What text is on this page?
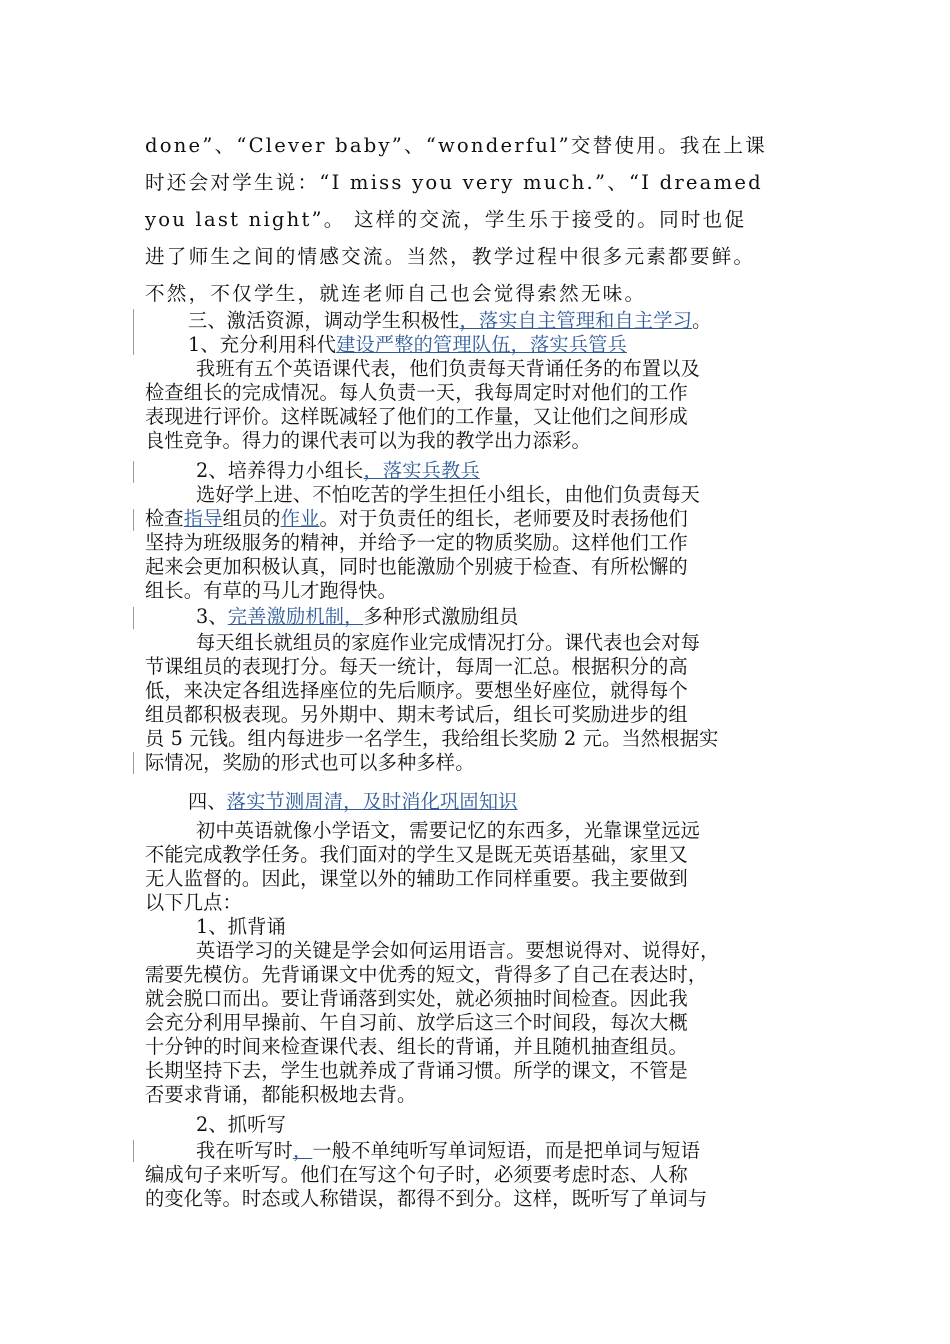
done”、“Clever baby”、“wonderful”交替使用。我在上课
时还会对学生说：“I miss you very much.”、“I dreamed
you last night”。 这样的交流，学生乐于接受的。同时也促
进了师生之间的情感交流。当然，教学过程中很多元素都要鲜。
不然，不仅学生，就连老师自己也会觉得索然无味。
三、激活资源，调动学生积极性，落实自主管理和自主学习。
1、充分利用科代建设严整的管理队伍，落实兵管兵
我班有五个英语课代表，他们负责每天背诵任务的布置以及
检查组长的完成情况。每人负责一天，我每周定时对他们的工作
表现进行评价。这样既减轻了他们的工作量，又让他们之间形成
良性竞争。得力的课代表可以为我的教学出力添彩。
2、培养得力小组长，落实兵教兵
选好学上进、不怕吃苦的学生担任小组长，由他们负责每天
检查指导组员的作业。对于负责任的组长，老师要及时表扬他们
坚持为班级服务的精神，并给予一定的物质奖励。这样他们工作
起来会更加积极认真，同时也能激励个别疲于检查、有所松懈的
组长。有草的马儿才跑得快。
3、完善激励机制，多种形式激励组员
每天组长就组员的家庭作业完成情况打分。课代表也会对每
节课组员的表现打分。每天一统计，每周一汇总。根据积分的高
低，来决定各组选择座位的先后顺序。要想坐好座位，就得每个
组员都积极表现。另外期中、期末考试后，组长可奖励进步的组
员 5 元钱。组内每进步一名学生，我给组长奖励 2 元。当然根据实
际情况，奖励的形式也可以多种多样。
四、落实节测周清，及时消化巩固知识
初中英语就像小学语文，需要记忆的东西多，光靠课堂远远
不能完成教学任务。我们面对的学生又是既无英语基础，家里又
无人监督的。因此，课堂以外的辅助工作同样重要。我主要做到
以下几点：
1、抓背诵
英语学习的关键是学会如何运用语言。要想说得对、说得好，
需要先模仿。先背诵课文中优秀的短文，背得多了自己在表达时，
就会脱口而出。要让背诵落到实处，就必须抽时间检查。因此我
会充分利用早操前、午自习前、放学后这三个时间段，每次大概
十分钟的时间来检查课代表、组长的背诵，并且随机抽查组员。
长期坚持下去，学生也就养成了背诵习惯。所学的课文，不管是
否要求背诵，都能积极地去背。
2、抓听写
我在听写时，一般不单纯听写单词短语，而是把单词与短语
编成句子来听写。他们在写这个句子时，必须要考虑时态、人称
的变化等。时态或人称错误，都得不到分。这样，既听写了单词与
